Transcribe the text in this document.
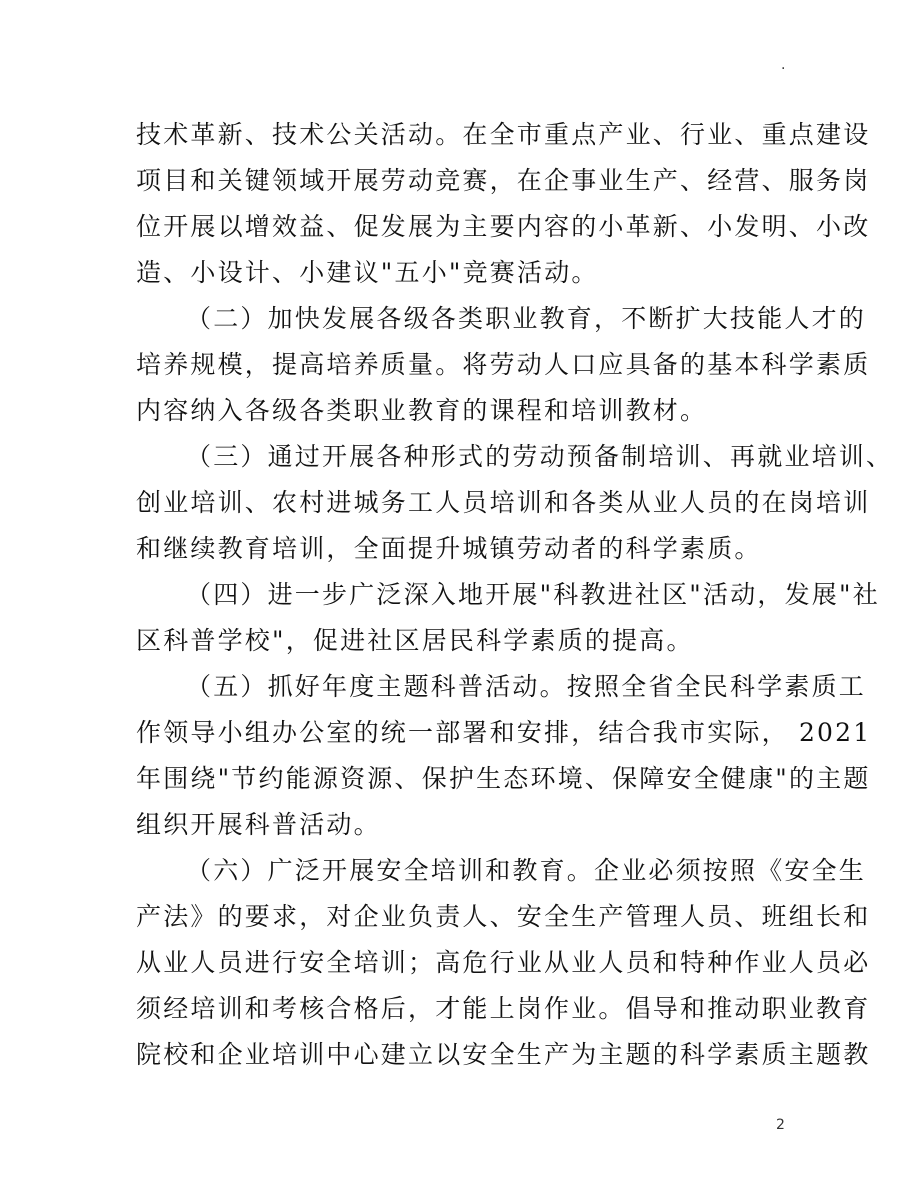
.
技术革新、技术公关活动。在全市重点产业、行业、重点建设
项目和关键领域开展劳动竞赛，在企事业生产、经营、服务岗
位开展以增效益、促发展为主要内容的小革新、小发明、小改
造、小设计、小建议"五小"竞赛活动。
（二）加快发展各级各类职业教育，不断扩大技能人才的
培养规模，提高培养质量。将劳动人口应具备的基本科学素质
内容纳入各级各类职业教育的课程和培训教材。
（三）通过开展各种形式的劳动预备制培训、再就业培训、
创业培训、农村进城务工人员培训和各类从业人员的在岗培训
和继续教育培训，全面提升城镇劳动者的科学素质。
（四）进一步广泛深入地开展"科教进社区"活动，发展"社
区科普学校"，促进社区居民科学素质的提高。
（五）抓好年度主题科普活动。按照全省全民科学素质工
作领导小组办公室的统一部署和安排，结合我市实际， 2021
年围绕"节约能源资源、保护生态环境、保障安全健康"的主题
组织开展科普活动。
（六）广泛开展安全培训和教育。企业必须按照《安全生
产法》的要求，对企业负责人、安全生产管理人员、班组长和
从业人员进行安全培训；高危行业从业人员和特种作业人员必
须经培训和考核合格后，才能上岗作业。倡导和推动职业教育
院校和企业培训中心建立以安全生产为主题的科学素质主题教
2
